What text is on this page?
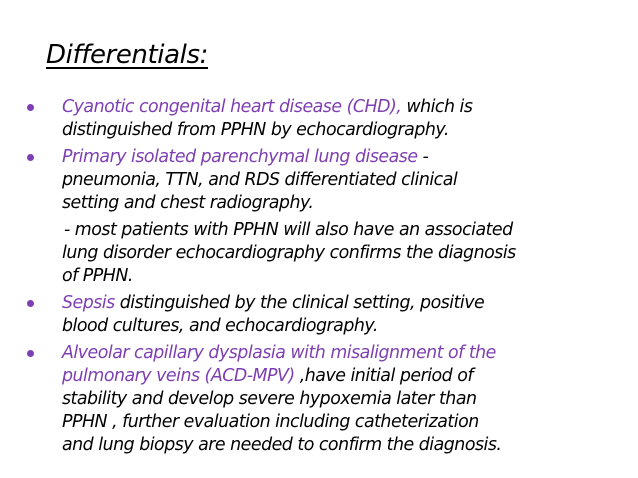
Differentials:
Cyanotic congenital heart disease (CHD), which is
distinguished from PPHN by echocardiography.
Primary isolated parenchymal lung disease -
pneumonia, TTN, and RDS differentiated clinical
setting and chest radiography.
- most patients with PPHN will also have an associated
lung disorder echocardiography confirms the diagnosis
of PPHN.
Sepsis distinguished by the clinical setting, positive
blood cultures, and echocardiography.
Alveolar capillary dysplasia with misalignment of the
pulmonary veins (ACD-MPV) ,have initial period of
stability and develop severe hypoxemia later than
PPHN , further evaluation including catheterization
and lung biopsy are needed to confirm the diagnosis.
